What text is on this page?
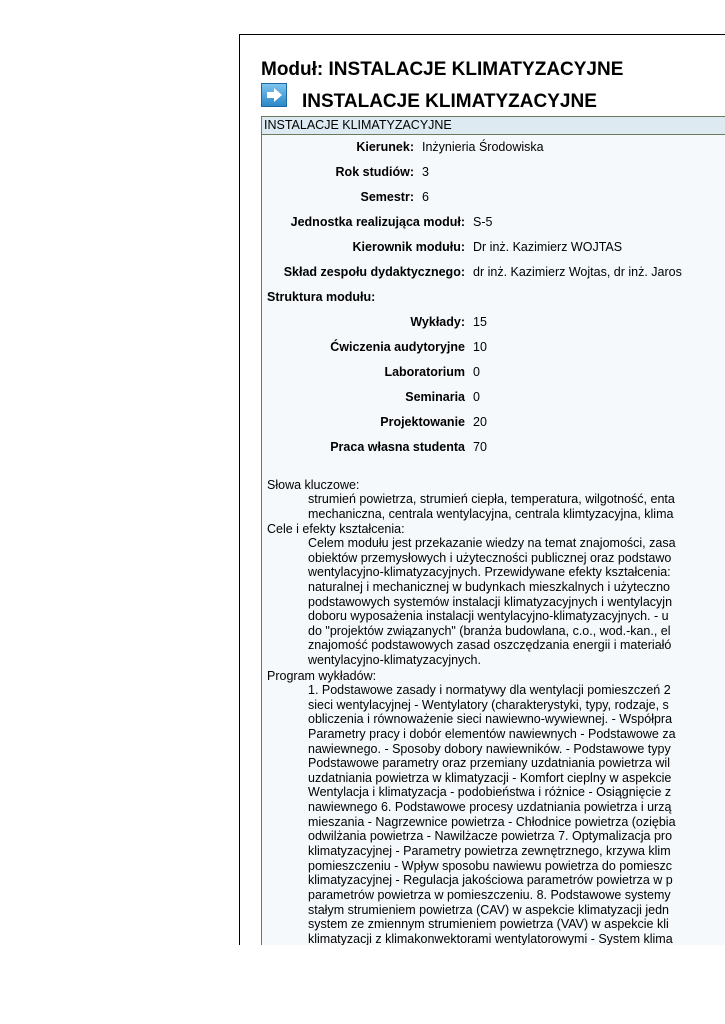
Moduł: INSTALACJE KLIMATYZACYJNE
INSTALACJE KLIMATYZACYJNE
INSTALACJE KLIMATYZACYJNE
Kierunek: Inżynieria Środowiska
Rok studiów: 3
Semestr: 6
Jednostka realizująca moduł: S-5
Kierownik modułu: Dr inż. Kazimierz WOJTAS
Skład zespołu dydaktycznego: dr inż. Kazimierz Wojtas, dr inż. Jaros
Struktura modułu:
Wykłady: 15
Ćwiczenia audytoryjne 10
Laboratorium 0
Seminaria 0
Projektowanie 20
Praca własna studenta 70
Słowa kluczowe:
strumień powietrza, strumień ciepła, temperatura, wilgotność, enta
mechaniczna, centrala wentylacyjna, centrala klimtyzacyjna, klima
Cele i efekty kształcenia:
Celem modułu jest przekazanie wiedzy na temat znajomości, zasa
obiektów przemysłowych i użyteczności publicznej oraz podstawo
wentylacyjno-klimatyzacyjnych. Przewidywane efekty kształcenia:
naturalnej i mechanicznej w budynkach mieszkalnych i użyteczno
podstawowych systemów instalacji klimatyzacyjnych i wentylacyjn
doboru wyposażenia instalacji wentylacyjno-klimatyzacyjnych. - u
do "projektów związanych" (branża budowlana, c.o., wod.-kan., el
znajomość podstawowych zasad oszczędzania energii i materiałó
wentylacyjno-klimatyzacyjnych.
Program wykładów:
1. Podstawowe zasady i normatywy dla wentylacji pomieszczeń 2
sieci wentylacyjnej - Wentylatory (charakterystyki, typy, rodzaje, s
obliczenia i równoważenie sieci nawiewno-wywiewnej. - Współpra
Parametry pracy i dobór elementów nawiewnych - Podstawowe za
nawiewnego. - Sposoby dobory nawiewników. - Podstawowe typy
Podstawowe parametry oraz przemiany uzdatniania powietrza wil
uzdatniania powietrza w klimatyzacji - Komfort cieplny w aspekcie
Wentylacja i klimatyzacja - podobieństwa i różnice - Osiągnięcie z
nawiewnego 6. Podstawowe procesy uzdatniania powietrza i urzą
mieszania - Nagrzewnice powietrza - Chłodnice powietrza (oziębia
odwilżania powietrza - Nawilżacze powietrza 7. Optymalizacja pro
klimatyzacyjnej - Parametry powietrza zewnętrznego, krzywa klim
pomieszczeniu - Wpływ sposobu nawiewu powietrza do pomieszc
klimatyzacyjnej - Regulacja jakościowa parametrów powietrza w p
parametrów powietrza w pomieszczeniu. 8. Podstawowe systemy
stałym strumieniem powietrza (CAV) w aspekcie klimatyzacji jedn
system ze zmiennym strumieniem powietrza (VAV) w aspekcie kli
klimatyzacji z klimakonwektorami wentylatorowymi - System klima
